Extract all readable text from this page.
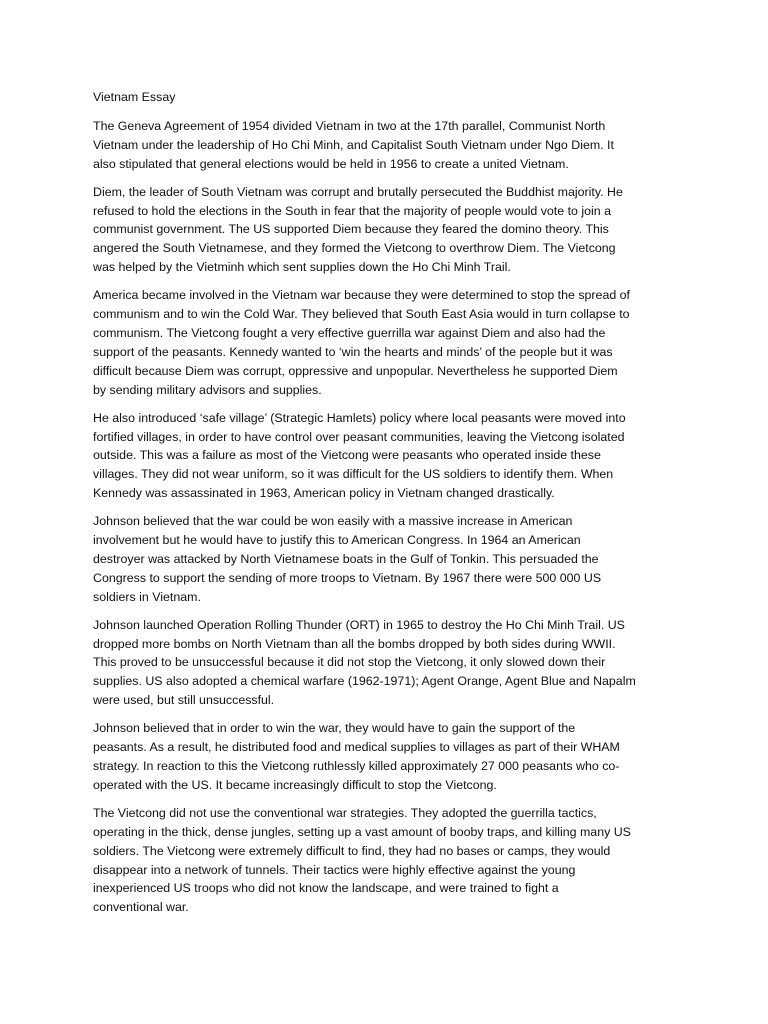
Vietnam Essay
The Geneva Agreement of 1954 divided Vietnam in two at the 17th parallel, Communist North
Vietnam under the leadership of Ho Chi Minh, and Capitalist South Vietnam under Ngo Diem. It
also stipulated that general elections would be held in 1956 to create a united Vietnam.
Diem, the leader of South Vietnam was corrupt and brutally persecuted the Buddhist majority. He
refused to hold the elections in the South in fear that the majority of people would vote to join a
communist government. The US supported Diem because they feared the domino theory. This
angered the South Vietnamese, and they formed the Vietcong to overthrow Diem. The Vietcong
was helped by the Vietminh which sent supplies down the Ho Chi Minh Trail.
America became involved in the Vietnam war because they were determined to stop the spread of
communism and to win the Cold War. They believed that South East Asia would in turn collapse to
communism. The Vietcong fought a very effective guerrilla war against Diem and also had the
support of the peasants. Kennedy wanted to ‘win the hearts and minds’ of the people but it was
difficult because Diem was corrupt, oppressive and unpopular. Nevertheless he supported Diem
by sending military advisors and supplies.
He also introduced ‘safe village’ (Strategic Hamlets) policy where local peasants were moved into
fortified villages, in order to have control over peasant communities, leaving the Vietcong isolated
outside. This was a failure as most of the Vietcong were peasants who operated inside these
villages. They did not wear uniform, so it was difficult for the US soldiers to identify them. When
Kennedy was assassinated in 1963, American policy in Vietnam changed drastically.
Johnson believed that the war could be won easily with a massive increase in American
involvement but he would have to justify this to American Congress. In 1964 an American
destroyer was attacked by North Vietnamese boats in the Gulf of Tonkin. This persuaded the
Congress to support the sending of more troops to Vietnam. By 1967 there were 500 000 US
soldiers in Vietnam.
Johnson launched Operation Rolling Thunder (ORT) in 1965 to destroy the Ho Chi Minh Trail. US
dropped more bombs on North Vietnam than all the bombs dropped by both sides during WWII.
This proved to be unsuccessful because it did not stop the Vietcong, it only slowed down their
supplies. US also adopted a chemical warfare (1962-1971); Agent Orange, Agent Blue and Napalm
were used, but still unsuccessful.
Johnson believed that in order to win the war, they would have to gain the support of the
peasants. As a result, he distributed food and medical supplies to villages as part of their WHAM
strategy. In reaction to this the Vietcong ruthlessly killed approximately 27 000 peasants who co-
operated with the US. It became increasingly difficult to stop the Vietcong.
The Vietcong did not use the conventional war strategies. They adopted the guerrilla tactics,
operating in the thick, dense jungles, setting up a vast amount of booby traps, and killing many US
soldiers. The Vietcong were extremely difficult to find, they had no bases or camps, they would
disappear into a network of tunnels. Their tactics were highly effective against the young
inexperienced US troops who did not know the landscape, and were trained to fight a
conventional war.
